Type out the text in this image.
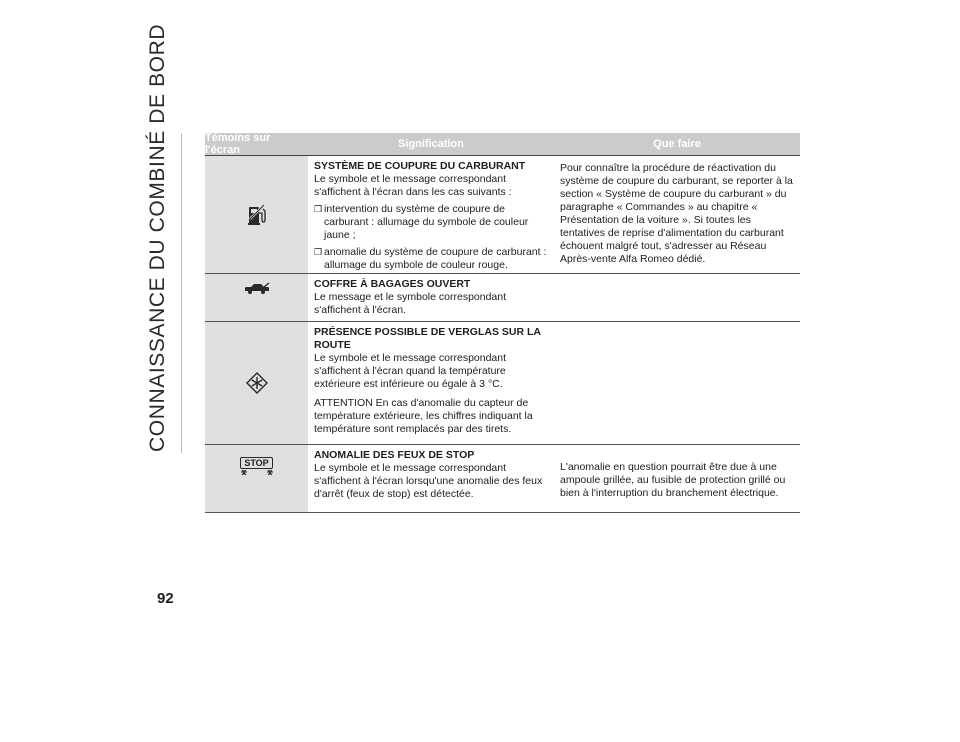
CONNAISSANCE DU COMBINÉ DE BORD
92
Témoins sur l'écran	Signification	Que faire
SYSTÈME DE COUPURE DU CARBURANT
Le symbole et le message correspondant s'affichent à l'écran dans les cas suivants :
❒ intervention du système de coupure de carburant : allumage du symbole de couleur jaune ;
❒ anomalie du système de coupure de carburant : allumage du symbole de couleur rouge.
Pour connaître la procédure de réactivation du système de coupure du carburant, se reporter à la section « Système de coupure du carburant » du paragraphe « Commandes » au chapitre « Présentation de la voiture ». Si toutes les tentatives de reprise d'alimentation du carburant échouent malgré tout, s'adresser au Réseau Après-vente Alfa Romeo dédié.
COFFRE À BAGAGES OUVERT
Le message et le symbole correspondant s'affichent à l'écran.
PRÉSENCE POSSIBLE DE VERGLAS SUR LA ROUTE
Le symbole et le message correspondant s'affichent à l'écran quand la température extérieure est inférieure ou égale à 3 °C.
ATTENTION En cas d'anomalie du capteur de température extérieure, les chiffres indiquant la température sont remplacés par des tirets.
STOP
ANOMALIE DES FEUX DE STOP
Le symbole et le message correspondant s'affichent à l'écran lorsqu'une anomalie des feux d'arrêt (feux de stop) est détectée.
L'anomalie en question pourrait être due à une ampoule grillée, au fusible de protection grillé ou bien à l'interruption du branchement électrique.
